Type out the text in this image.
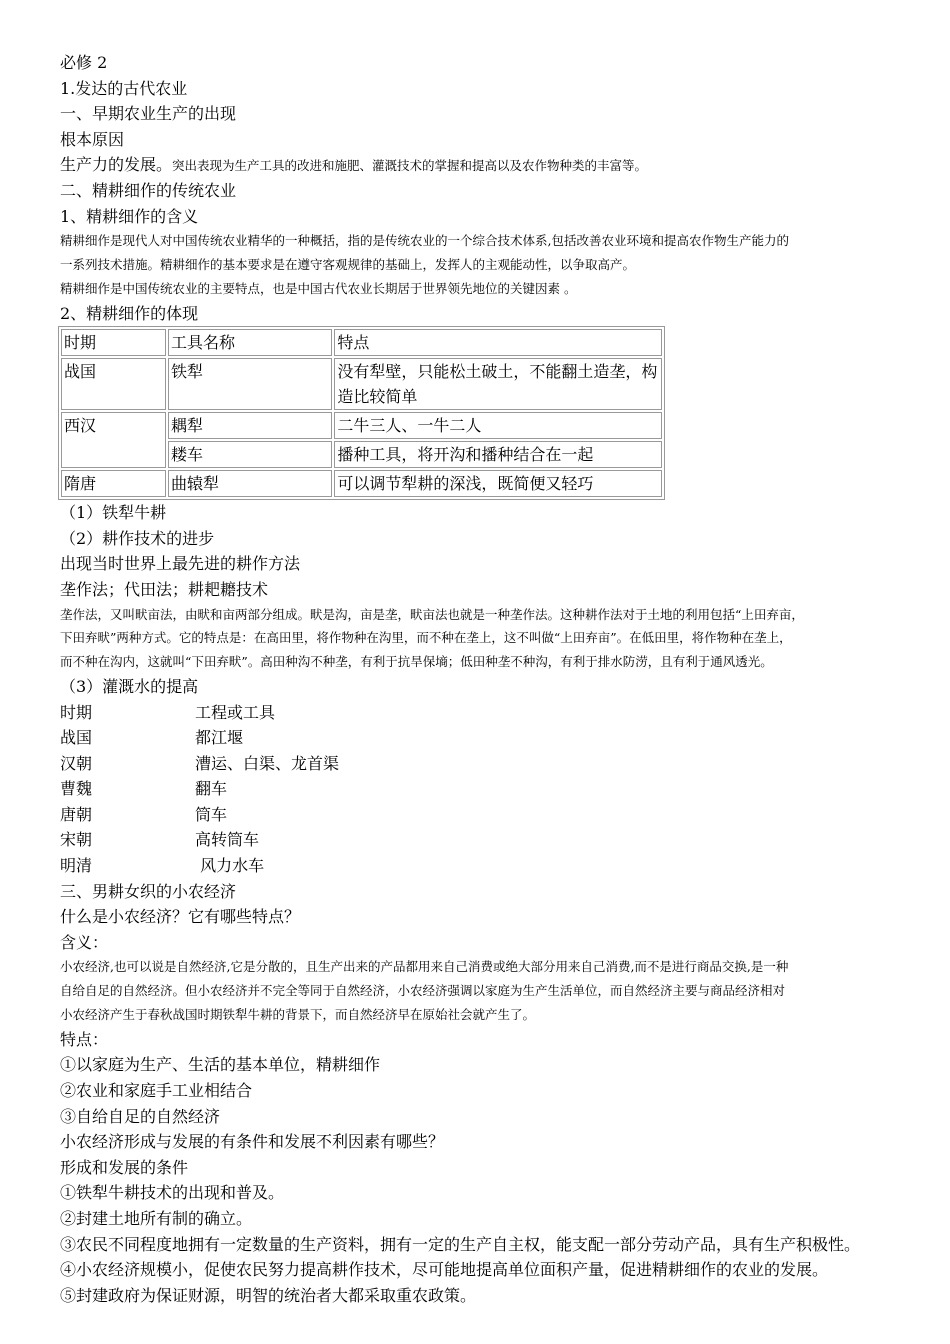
必修 2
1.发达的古代农业
一、早期农业生产的出现
根本原因
生产力的发展。突出表现为生产工具的改进和施肥、灌溉技术的掌握和提高以及农作物种类的丰富等。
二、精耕细作的传统农业
1、精耕细作的含义
精耕细作是现代人对中国传统农业精华的一种概括，指的是传统农业的一个综合技术体系,包括改善农业环境和提高农作物生产能力的
一系列技术措施。精耕细作的基本要求是在遵守客观规律的基础上，发挥人的主观能动性，以争取高产。
精耕细作是中国传统农业的主要特点，也是中国古代农业长期居于世界领先地位的关键因素 。
2、精耕细作的体现
时期	工具名称	特点
战国	铁犁	没有犁壁，只能松土破土，不能翻土造垄，构
造比较简单

西汉	耦犁	二牛三人、一牛二人
	耧车	播种工具，将开沟和播种结合在一起
隋唐	曲辕犁	可以调节犁耕的深浅，既简便又轻巧
（1）铁犁牛耕
（2）耕作技术的进步
出现当时世界上最先进的耕作方法
垄作法；代田法；耕耙耱技术
垄作法，又叫畎亩法，由畎和亩两部分组成。畎是沟，亩是垄，畎亩法也就是一种垄作法。这种耕作法对于土地的利用包括“上田弃亩，
下田弃畎”两种方式。它的特点是：在高田里，将作物种在沟里，而不种在垄上，这不叫做“上田弃亩”。在低田里，将作物种在垄上，
而不种在沟内，这就叫“下田弃畎”。高田种沟不种垄，有利于抗旱保墒；低田种垄不种沟，有利于排水防涝，且有利于通风透光。
（3）灌溉水的提高
时期	工程或工具
战国	都江堰
汉朝	漕运、白渠、龙首渠
曹魏	翻车
唐朝	筒车
宋朝	高转筒车
明清	风力水车
三、男耕女织的小农经济
什么是小农经济？它有哪些特点？
含义：
小农经济,也可以说是自然经济,它是分散的，且生产出来的产品都用来自己消费或绝大部分用来自己消费,而不是进行商品交换,是一种
自给自足的自然经济。但小农经济并不完全等同于自然经济，小农经济强调以家庭为生产生活单位，而自然经济主要与商品经济相对
小农经济产生于春秋战国时期铁犁牛耕的背景下，而自然经济早在原始社会就产生了。
特点：
①以家庭为生产、生活的基本单位，精耕细作
②农业和家庭手工业相结合
③自给自足的自然经济
小农经济形成与发展的有条件和发展不利因素有哪些？
形成和发展的条件
①铁犁牛耕技术的出现和普及。
②封建土地所有制的确立。
③农民不同程度地拥有一定数量的生产资料，拥有一定的生产自主权，能支配一部分劳动产品，具有生产积极性。
④小农经济规模小，促使农民努力提高耕作技术，尽可能地提高单位面积产量，促进精耕细作的农业的发展。
⑤封建政府为保证财源，明智的统治者大都采取重农政策。
